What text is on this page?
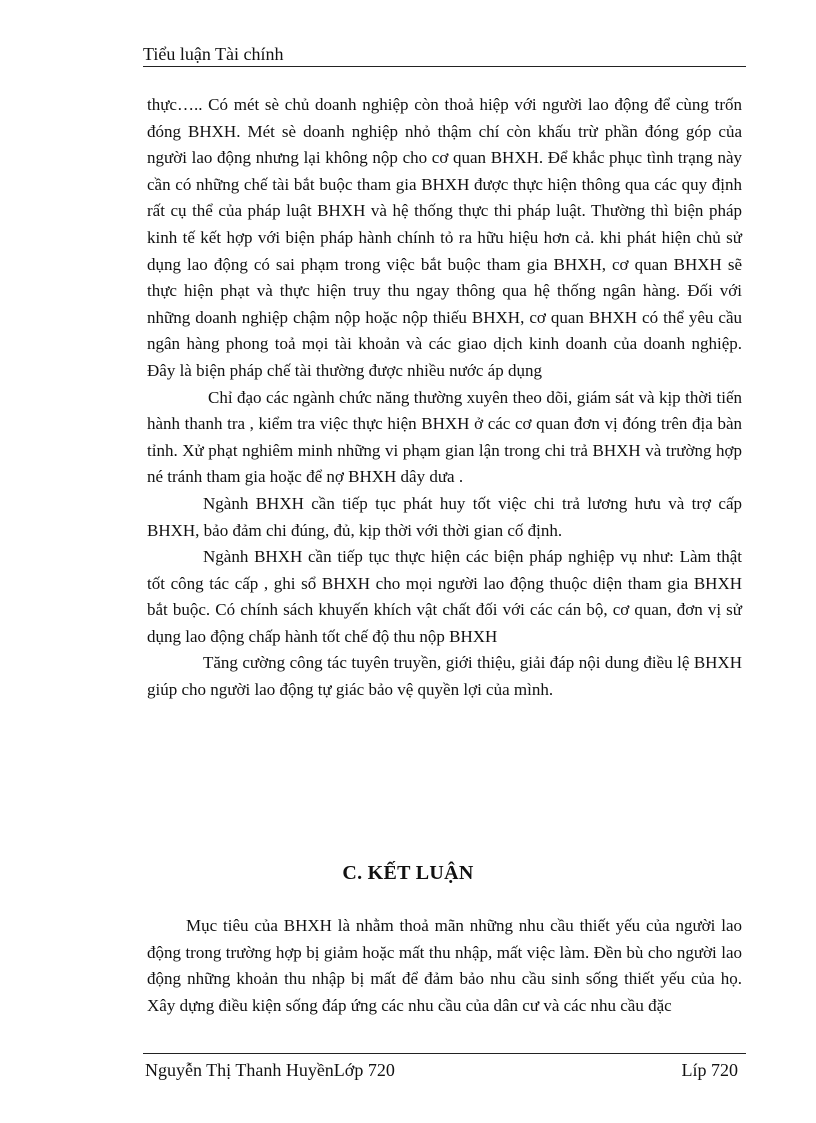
Tiểu luận Tài chính

thực….. Có mét sè chủ doanh nghiệp còn thoả hiệp với người lao động để cùng trốn đóng BHXH. Mét sè doanh nghiệp nhỏ thậm chí còn khấu trừ phần đóng góp của người lao động nhưng lại không nộp cho cơ quan BHXH. Để khắc phục tình trạng này cần có những chế tài bắt buộc tham gia BHXH được thực hiện thông qua các quy định rất cụ thể của pháp luật BHXH và hệ thống thực thi pháp luật. Thường thì biện pháp kinh tế kết hợp với biện pháp hành chính tỏ ra hữu hiệu hơn cả. khi phát hiện chủ sử dụng lao động có sai phạm trong việc bắt buộc tham gia BHXH, cơ quan BHXH sẽ thực hiện phạt và thực hiện truy thu ngay thông qua hệ thống ngân hàng. Đối với những doanh nghiệp chậm nộp hoặc nộp thiếu BHXH, cơ quan BHXH có thể yêu cầu ngân hàng phong toả mọi tài khoản và các giao dịch kinh doanh của doanh nghiệp. Đây là biện pháp chế tài thường được nhiều nước áp dụng

Chỉ đạo các ngành chức năng thường xuyên theo dõi, giám sát và kịp thời tiến hành thanh tra , kiểm tra việc thực hiện BHXH ở các cơ quan đơn vị đóng trên địa bàn tỉnh. Xử phạt nghiêm minh những vi phạm gian lận trong chi trả BHXH và trường hợp né tránh tham gia hoặc để nợ BHXH dây dưa .

Ngành BHXH cần tiếp tục phát huy tốt việc chi trả lương hưu và trợ cấp BHXH, bảo đảm chi đúng, đủ, kịp thời với thời gian cố định.

Ngành BHXH cần tiếp tục thực hiện các biện pháp nghiệp vụ như: Làm thật tốt công tác cấp , ghi sổ BHXH cho mọi người lao động thuộc diện tham gia BHXH bắt buộc. Có chính sách khuyến khích vật chất đối với các cán bộ, cơ quan, đơn vị sử dụng lao động chấp hành tốt chế độ thu nộp BHXH

Tăng cường công tác tuyên truyền, giới thiệu, giải đáp nội dung điều lệ BHXH giúp cho người lao động tự giác bảo vệ quyền lợi của mình.

C. KẾT LUẬN

Mục tiêu của BHXH là nhằm thoả mãn những nhu cầu thiết yếu của người lao động trong trường hợp bị giảm hoặc mất thu nhập, mất việc làm. Đền bù cho người lao động những khoản thu nhập bị mất để đảm bảo nhu cầu sinh sống thiết yếu của họ. Xây dựng điều kiện sống đáp ứng các nhu cầu của dân cư và các nhu cầu đặc

Nguyễn Thị Thanh HuyềnLớp 720	Líp 720
